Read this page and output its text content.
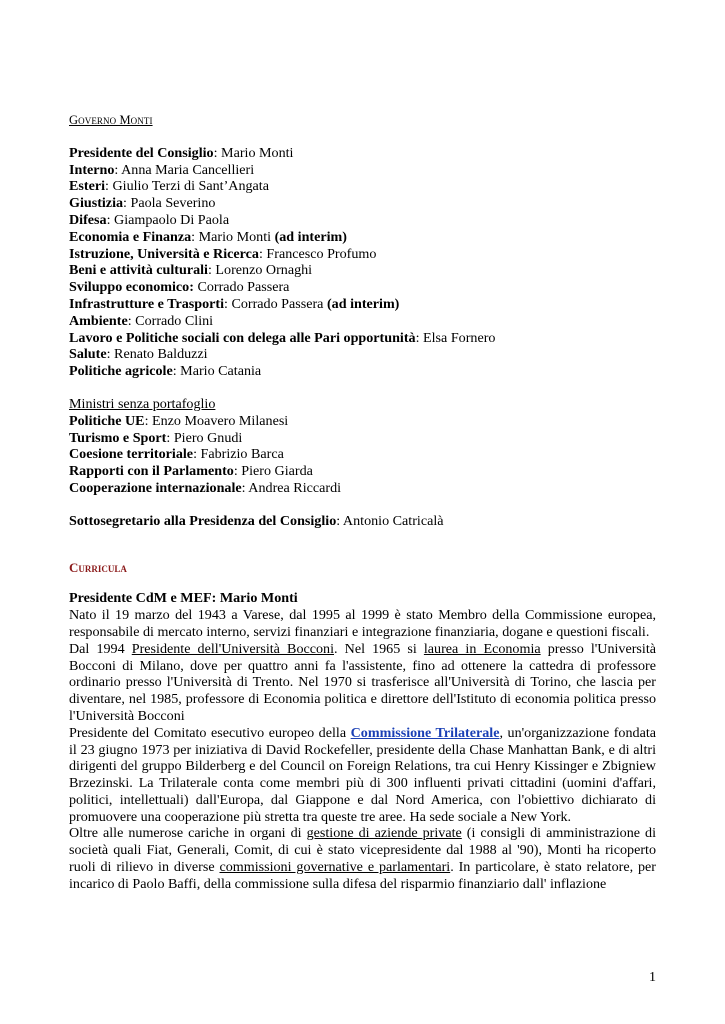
Governo Monti
Presidente del Consiglio: Mario Monti
Interno: Anna Maria Cancellieri
Esteri: Giulio Terzi di Sant’Angata
Giustizia: Paola Severino
Difesa: Giampaolo Di Paola
Economia e Finanza: Mario Monti (ad interim)
Istruzione, Università e Ricerca: Francesco Profumo
Beni e attività culturali: Lorenzo Ornaghi
Sviluppo economico: Corrado Passera
Infrastrutture e Trasporti: Corrado Passera (ad interim)
Ambiente: Corrado Clini
Lavoro e Politiche sociali con delega alle Pari opportunità: Elsa Fornero
Salute: Renato Balduzzi
Politiche agricole: Mario Catania
Ministri senza portafoglio
Politiche UE: Enzo Moavero Milanesi
Turismo e Sport: Piero Gnudi
Coesione territoriale: Fabrizio Barca
Rapporti con il Parlamento: Piero Giarda
Cooperazione internazionale: Andrea Riccardi
Sottosegretario alla Presidenza del Consiglio: Antonio Catricalà
Curricula
Presidente CdM e MEF: Mario Monti
Nato il 19 marzo del 1943 a Varese, dal 1995 al 1999 è stato Membro della Commissione europea, responsabile di mercato interno, servizi finanziari e integrazione finanziaria, dogane e questioni fiscali.
Dal 1994 Presidente dell'Università Bocconi. Nel 1965 si laurea in Economia presso l'Università Bocconi di Milano, dove per quattro anni fa l'assistente, fino ad ottenere la cattedra di professore ordinario presso l'Università di Trento. Nel 1970 si trasferisce all'Università di Torino, che lascia per diventare, nel 1985, professore di Economia politica e direttore dell'Istituto di economia politica presso l'Università Bocconi
Presidente del Comitato esecutivo europeo della Commissione Trilaterale, un'organizzazione fondata il 23 giugno 1973 per iniziativa di David Rockefeller, presidente della Chase Manhattan Bank, e di altri dirigenti del gruppo Bilderberg e del Council on Foreign Relations, tra cui Henry Kissinger e Zbigniew Brzezinski. La Trilaterale conta come membri più di 300 influenti privati cittadini (uomini d'affari, politici, intellettuali) dall'Europa, dal Giappone e dal Nord America, con l'obiettivo dichiarato di promuovere una cooperazione più stretta tra queste tre aree. Ha sede sociale a New York.
Oltre alle numerose cariche in organi di gestione di aziende private (i consigli di amministrazione di società quali Fiat, Generali, Comit, di cui è stato vicepresidente dal 1988 al '90), Monti ha ricoperto ruoli di rilievo in diverse commissioni governative e parlamentari. In particolare, è stato relatore, per incarico di Paolo Baffi, della commissione sulla difesa del risparmio finanziario dall' inflazione
1
